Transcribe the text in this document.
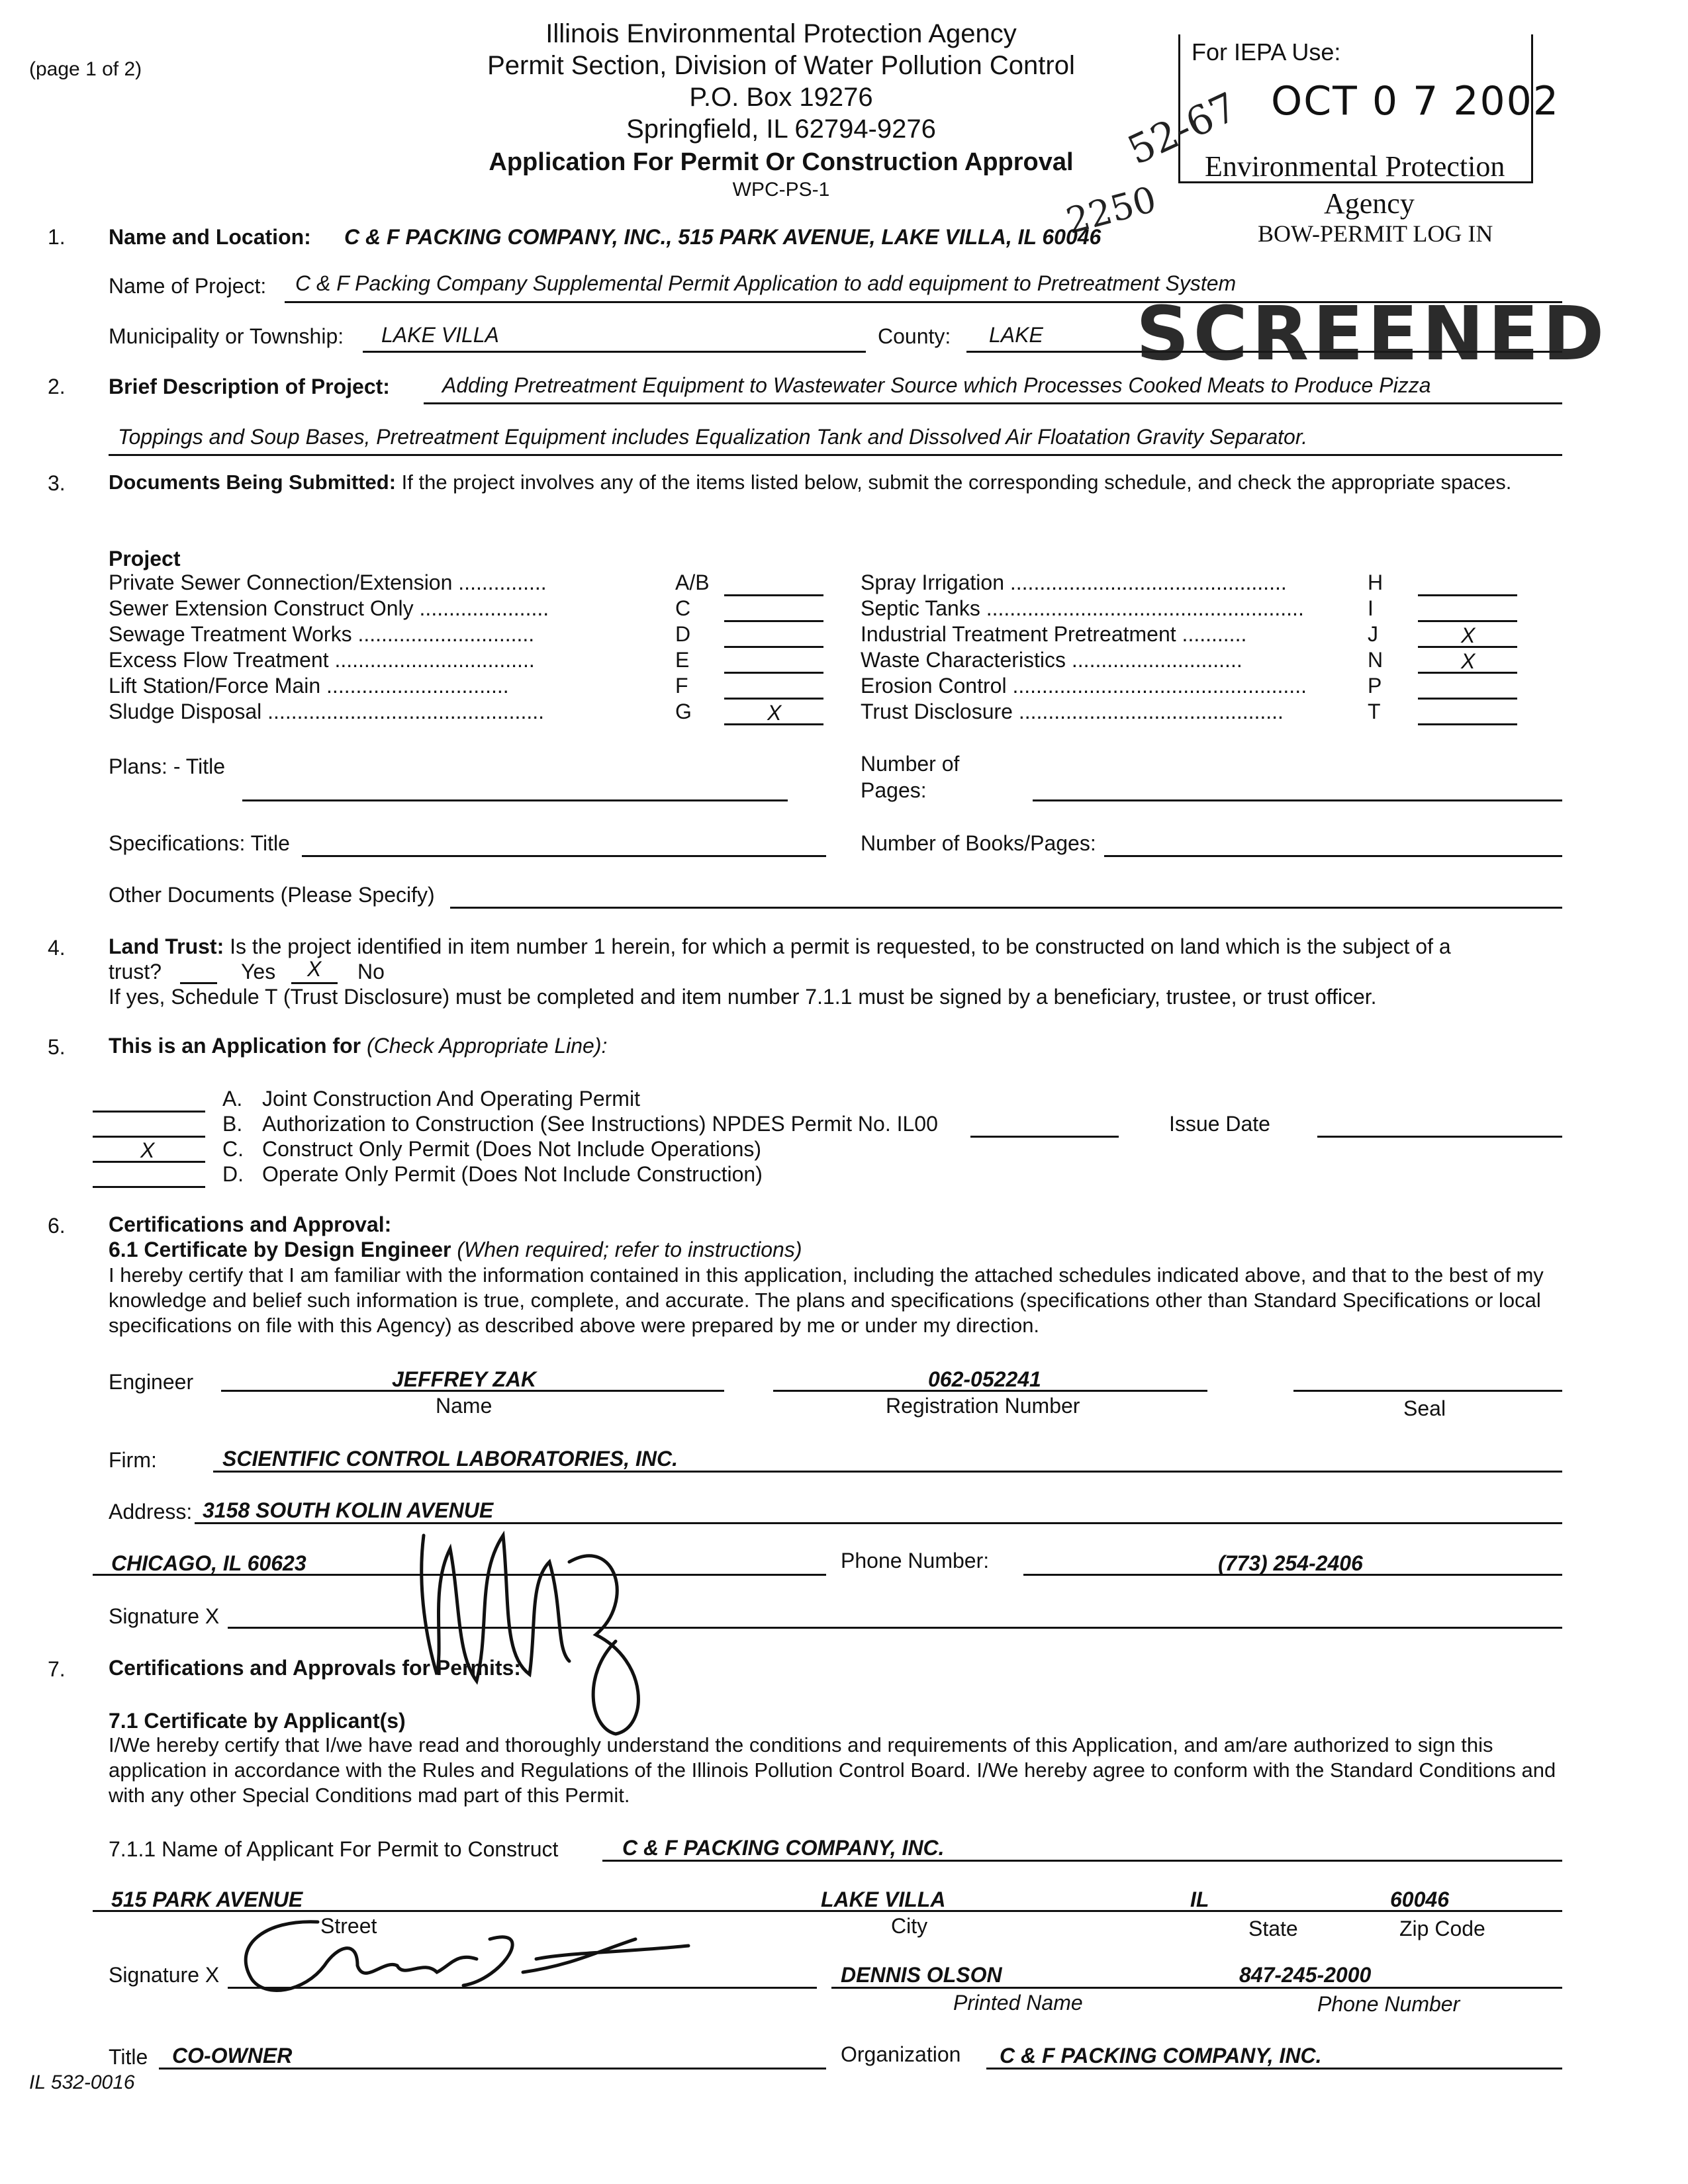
(page 1 of 2)
Illinois Environmental Protection Agency
Permit Section, Division of Water Pollution Control
P.O. Box 19276
Springfield, IL 62794-9276
Application For Permit Or Construction Approval
WPC-PS-1
For IEPA Use:
OCT 0 7 2002
Environmental Protection
Agency
BOW-PERMIT LOG IN
52-67
2250
1. Name and Location: C & F PACKING COMPANY, INC., 515 PARK AVENUE, LAKE VILLA, IL 60046
Name of Project: C & F Packing Company Supplemental Permit Application to add equipment to Pretreatment System
Municipality or Township: LAKE VILLA	County: LAKE SCREENED
2. Brief Description of Project: Adding Pretreatment Equipment to Wastewater Source which Processes Cooked Meats to Produce Pizza
Toppings and Soup Bases, Pretreatment Equipment includes Equalization Tank and Dissolved Air Floatation Gravity Separator.
3. Documents Being Submitted: If the project involves any of the items listed below, submit the corresponding schedule, and check the appropriate spaces.
Project
Private Sewer Connection/Extension ...............	A/B
Sewer Extension Construct Only ......................	C
Sewage Treatment Works ..............................	D
Excess Flow Treatment ..................................	E
Lift Station/Force Main ...............................	F
Sludge Disposal ...............................................	G	X
Spray Irrigation ...............................................	H
Septic Tanks ......................................................	I
Industrial Treatment Pretreatment ...........	J	X
Waste Characteristics .............................	N	X
Erosion Control ..................................................	P
Trust Disclosure .............................................	T
Plans: - Title	Number of
Pages:
Specifications: Title	Number of Books/Pages:
Other Documents (Please Specify)
4. Land Trust: Is the project identified in item number 1 herein, for which a permit is requested, to be constructed on land which is the subject of a
trust?	Yes X No
If yes, Schedule T (Trust Disclosure) must be completed and item number 7.1.1 must be signed by a beneficiary, trustee, or trust officer.
5. This is an Application for (Check Appropriate Line):
A. Joint Construction And Operating Permit
B. Authorization to Construction (See Instructions) NPDES Permit No. IL00
X	C. Construct Only Permit (Does Not Include Operations)
D. Operate Only Permit (Does Not Include Construction)
Issue Date
6. Certifications and Approval:
6.1 Certificate by Design Engineer (When required; refer to instructions)
I hereby certify that I am familiar with the information contained in this application, including the attached schedules indicated above, and that to the best of my knowledge and belief such information is true, complete, and accurate. The plans and specifications (specifications other than Standard Specifications or local specifications on file with this Agency) as described above were prepared by me or under my direction.
Engineer	JEFFREY ZAK
Name
062-052241
Registration Number	Seal
Firm:	SCIENTIFIC CONTROL LABORATORIES, INC.
Address: 3158 SOUTH KOLIN AVENUE
CHICAGO, IL 60623	Phone Number:	(773) 254-2406
Signature X
7. Certifications and Approvals for Permits:
7.1 Certificate by Applicant(s)
I/We hereby certify that I/we have read and thoroughly understand the conditions and requirements of this Application, and am/are authorized to sign this application in accordance with the Rules and Regulations of the Illinois Pollution Control Board. I/We hereby agree to conform with the Standard Conditions and with any other Special Conditions mad part of this Permit.
7.1.1 Name of Applicant For Permit to Construct	C & F PACKING COMPANY, INC.
515 PARK AVENUE	LAKE VILLA	IL	60046
Street	City	State	Zip Code
Signature X	DENNIS OLSON	847-245-2000
Printed Name	Phone Number
Title CO-OWNER	Organization C & F PACKING COMPANY, INC.
IL 532-0016
